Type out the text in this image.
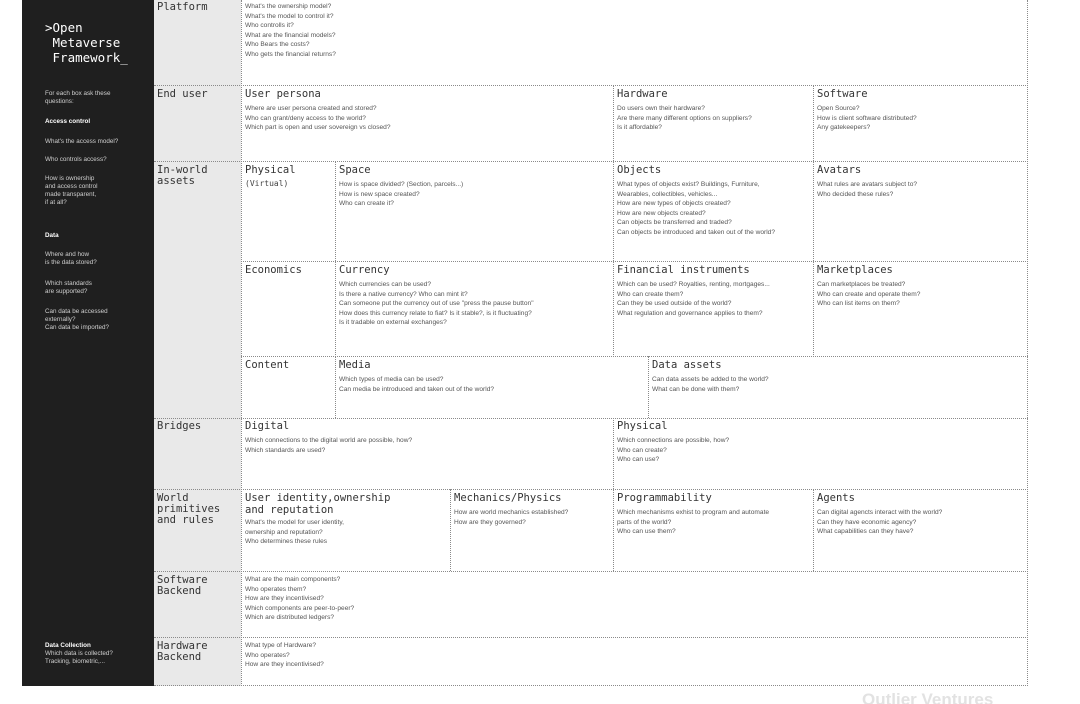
>Open
Metaverse
Framework_
For each box ask these
questions:
Access control
What's the access model?
Who controls access?
How is ownership
and access control
made transparent,
if at all?
Data
Where and how
is the data stored?
Which standards
are supported?
Can data be accessed
externally?
Can data be imported?
Data Collection
Which data is collected?
Tracking, biometric,...
Platform
End user
In-world
assets
Bridges
World
primitives
and rules
Software
Backend
Hardware
Backend
Physical
(Virtual)
Economics
Content
What's the ownership model?
What's the model to control it?
Who controlls it?
What are the financial models?
Who Bears the costs?
Who gets the financial returns?
User persona
Where are user persona created and stored?
Who can grant/deny access to the world?
Which part is open and user sovereign vs closed?
Hardware
Do users own their hardware?
Are there many different options on suppliers?
Is it affordable?
Software
Open Source?
How is client software distributed?
Any gatekeepers?
Space
How is space divided? (Section, parcels...)
How is new space created?
Who can create it?
Objects
What types of objects exist? Buildings, Furniture,
Wearables, collectibles, vehicles...
How are new types of objects created?
How are new objects created?
Can objects be transferred and traded?
Can objects be introduced and taken out of the world?
Avatars
What rules are avatars subject to?
Who decided these rules?
Currency
Which currencies can be used?
Is there a native currency? Who can mint it?
Can someone put the currency out of use "press the pause button"
How does this currency relate to fiat? Is it stable?, is it fluctuating?
Is it tradable on external exchanges?
Financial instruments
Which can be used? Royalties, renting, mortgages...
Who can create them?
Can they be used outside of the world?
What regulation and governance applies to them?
Marketplaces
Can marketplaces be treated?
Who can create and operate them?
Who can list items on them?
Media
Which types of media can be used?
Can media be introduced and taken out of the world?
Data assets
Can data assets be added to the world?
What can be done with them?
Digital
Which connections to the digital world are possible, how?
Which standards are used?
Physical
Which connections are possible, how?
Who can create?
Who can use?
User identity,ownership
and reputation
What's the model for user identity,
ownership and reputation?
Who determines these rules
Mechanics/Physics
How are world mechanics established?
How are they governed?
Programmability
Which mechanisms exhist to program and automate
parts of the world?
Who can use them?
Agents
Can digital agencts interact with the world?
Can they have economic agency?
What capabilities can they have?
What are the main components?
Who operates them?
How are they incentivised?
Which components are peer-to-peer?
Which are distributed ledgers?
What type of Hardware?
Who operates?
How are they incentivised?
Outlier Ventures
